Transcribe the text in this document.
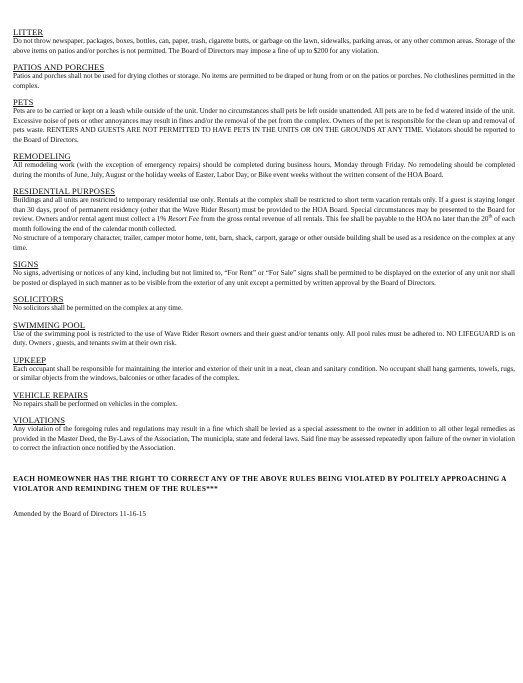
LITTER
Do not throw newspaper, packages, boxes, bottles, can, paper, trash, cigarette butts, or garbage on the lawn, sidewalks, parking areas, or any other common areas. Storage of the above items on patios and/or porches is not permitted. The Board of Directors may impose a fine of up to $200 for any violation.
PATIOS AND PORCHES
Patios and porches shall not be used for drying clothes or storage. No items are permitted to be draped or hung from or on the patios or porches. No clotheslines permitted in the complex.
PETS
Pets are to be carried or kept on a leash while outside of the unit. Under no circumstances shall pets be left ouside unattended. All pets are to be fed d watered inside of the unit. Excessive noise of pets or other annoyances may result in fines and/or the removal of the pet from the complex. Owners of the pet is responsible for the clean up and removal of pets waste. RENTERS AND GUESTS ARE NOT PERMITTED TO HAVE PETS IN THE UNITS OR ON THE GROUNDS AT ANY TIME. Violators should be reported to the Board of Directors.
REMODELING
All remodeling work (with the exception of emergency repairs) should be completed during business hours, Monday through Friday. No remodeling should be completed during the months of June, July, August or the holiday weeks of Easter, Labor Day, or Bike event weeks without the written consent of the HOA Board.
RESIDENTIAL PURPOSES
Buildings and all units are restricted to temporary residential use only. Rentals at the complex shall be restricted to short term vacation rentals only. If a guest is staying longer than 30 days, proof of permanent residency (other that the Wave Rider Resort) must be provided to the HOA Board. Special circumstances may be presented to the Board for review. Owners and/or rental agent must collect a 1% Resort Fee from the gross rental revenue of all rentals. This fee shall be payable to the HOA no later than the 20th of each month following the end of the calendar month collected.
No structure of a temporary character, trailer, camper motor home, tent, barn, shack, carport, garage or other outside building shall be used as a residence on the complex at any time.
SIGNS
No signs, advertising or notices of any kind, including but not limited to, “For Rent” or “For Sale” signs shall be permitted to be displayed on the exterior of any unit nor shall be posted or displayed in such manner as to be visible from the exterior of any unit except a permitted by written approval by the Board of Directors.
SOLICITORS
No solicitors shall be permitted on the complex at any time.
SWIMMING POOL
Use of the swimming pool is restricted to the use of Wave Rider Resort owners and their guest and/or tenants only. All pool rules must be adhered to. NO LIFEGUARD is on duty. Owners , guests, and tenants swim at their own risk.
UPKEEP
Each occupant shall be responsible for maintaining the interior and exterior of their unit in a neat, clean and sanitary condition. No occupant shall hang garments, towels, rugs, or similar objects from the windows, balconies or other facades of the complex.
VEHICLE REPAIRS
No repairs shall be performed on vehicles in the complex.
VIOLATIONS
Any violation of the foregoing rules and regulations may result in a fine which shall be levied as a special assessment to the owner in addition to all other legal remedies as provided in the Master Deed, the By-Laws of the Association, The municipla, state and federal laws. Said fine may be assessed repeatedly upon failure of the owner in violation to correct the infraction once notified by the Association.
EACH HOMEOWNER HAS THE RIGHT TO CORRECT ANY OF THE ABOVE RULES BEING VIOLATED BY POLITELY APPROACHING A VIOLATOR AND REMINDING THEM OF THE RULES***
Amended by the Board of Directors 11-16-15
